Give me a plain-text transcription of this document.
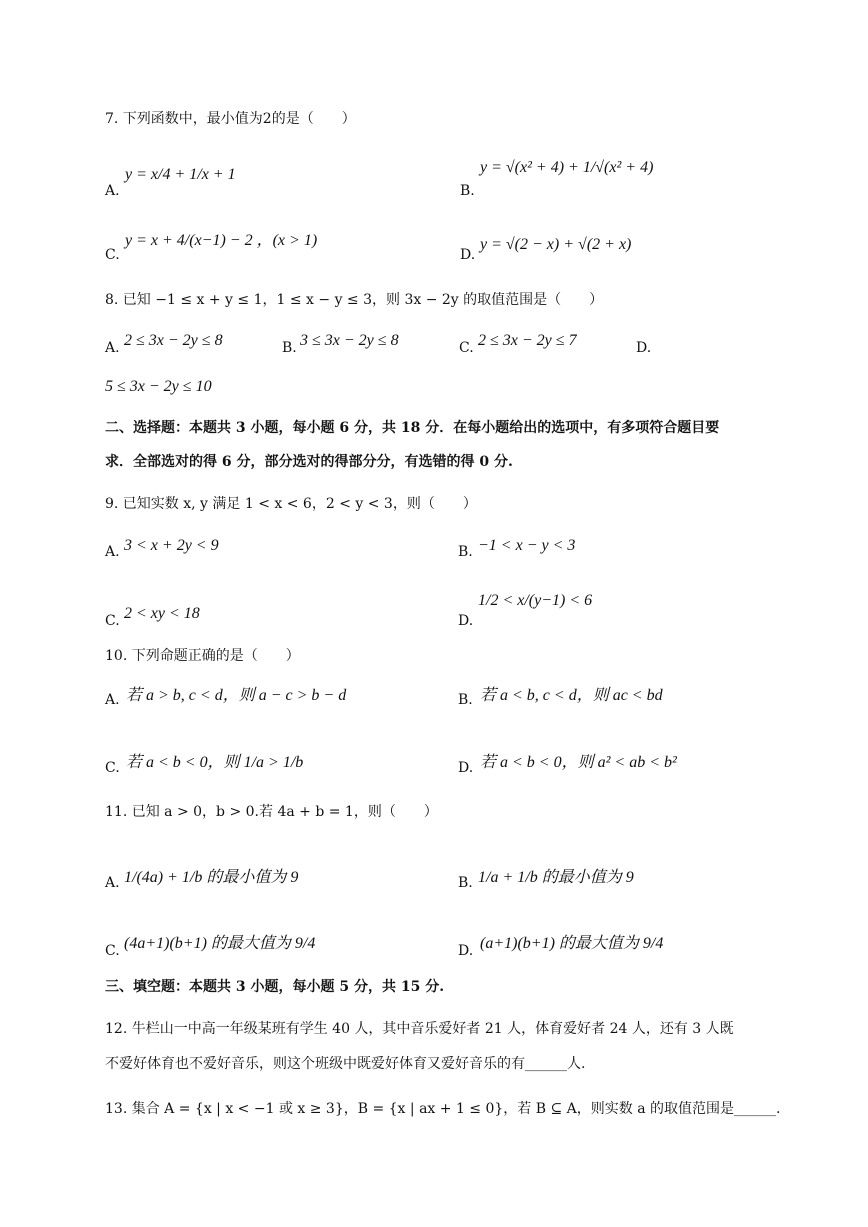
7. 下列函数中，最小值为2的是（　　）
A.
y = x/4 + 1/x + 1
B.
y = √(x² + 4) + 1/√(x² + 4)
C.
y = x + 4/(x−1) − 2 ，(x > 1)
D.
y = √(2 − x) + √(2 + x)
8. 已知 −1 ≤ x + y ≤ 1，1 ≤ x − y ≤ 3，则 3x − 2y 的取值范围是（　　）
A. 2 ≤ 3x − 2y ≤ 8	B. 3 ≤ 3x − 2y ≤ 8	C. 2 ≤ 3x − 2y ≤ 7	D.
5 ≤ 3x − 2y ≤ 10
二、选择题：本题共 3 小题，每小题 6 分，共 18 分．在每小题给出的选项中，有多项符合题目要
求．全部选对的得 6 分，部分选对的得部分分，有选错的得 0 分.
9. 已知实数 x, y 满足 1 < x < 6，2 < y < 3，则（　　）
A. 3 < x + 2y < 9	B. −1 < x − y < 3
C. 2 < xy < 18	D.
1/2 < x/(y−1) < 6
10. 下列命题正确的是（　　）
A. 若 a > b, c < d，则 a − c > b − d	B. 若 a < b, c < d，则 ac < bd
C. 若 a < b < 0，则 1/a > 1/b	D. 若 a < b < 0，则 a² < ab < b²
11. 已知 a > 0，b > 0.若 4a + b = 1，则（　　）
A. 1/(4a) + 1/b 的最小值为 9	B. 1/a + 1/b 的最小值为 9
C. (4a+1)(b+1) 的最大值为 9/4	D. (a+1)(b+1) 的最大值为 9/4
三、填空题：本题共 3 小题，每小题 5 分，共 15 分.
12. 牛栏山一中高一年级某班有学生 40 人，其中音乐爱好者 21 人，体育爱好者 24 人，还有 3 人既
不爱好体育也不爱好音乐，则这个班级中既爱好体育又爱好音乐的有______人.
13. 集合 A = {x | x < −1 或 x ≥ 3}，B = {x | ax + 1 ≤ 0}，若 B ⊆ A，则实数 a 的取值范围是______.
